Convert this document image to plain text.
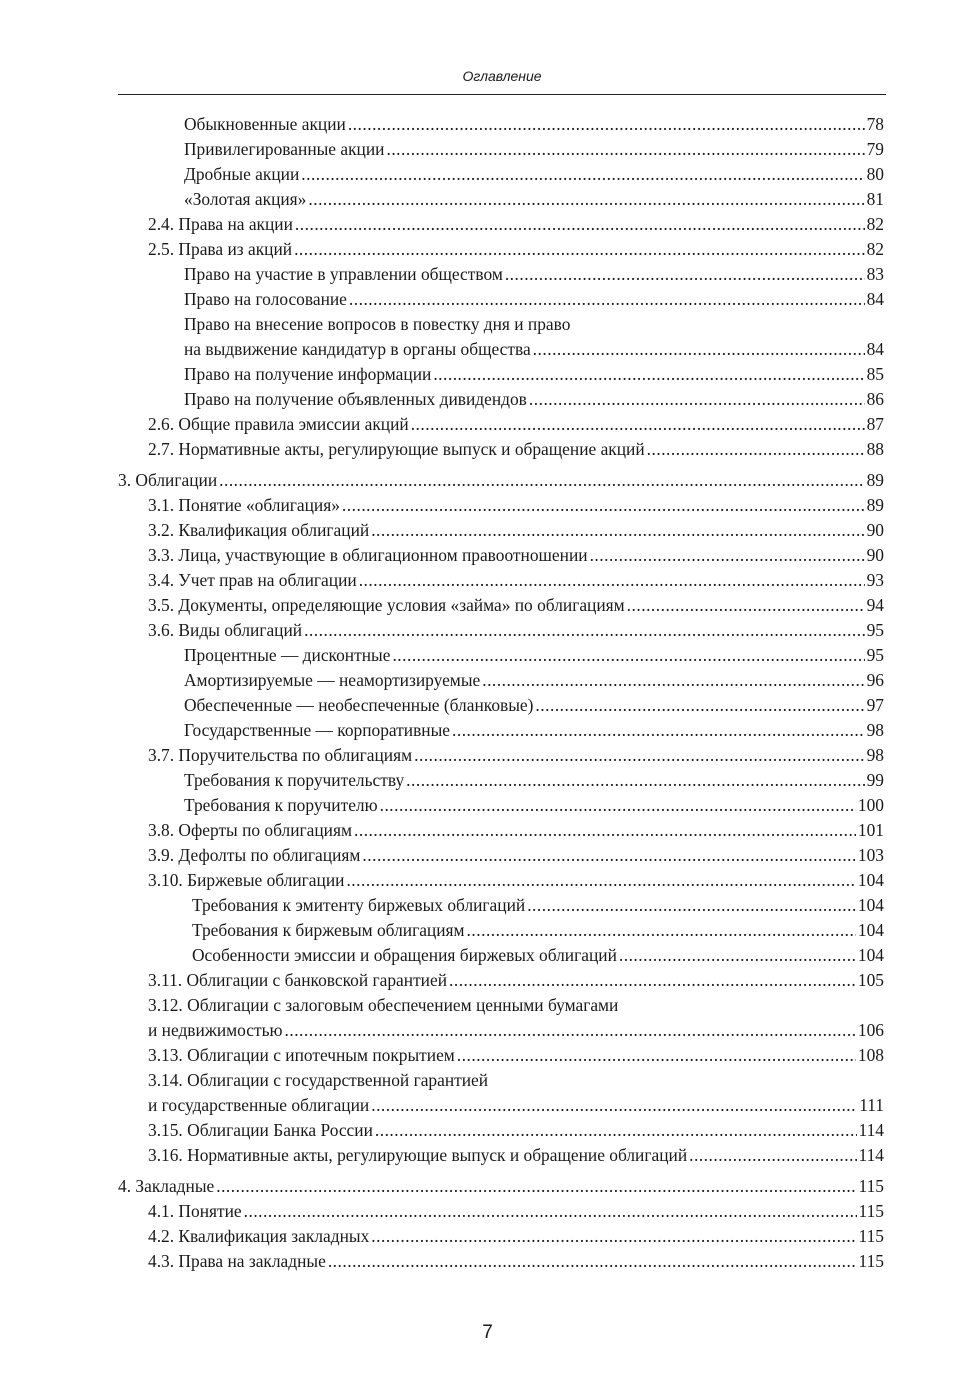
Оглавление
Обыкновенные акции .....	78
Привилегированные акции .....	79
Дробные акции .....	80
«Золотая акция» .....	81
2.4. Права на акции .....	82
2.5. Права из акций .....	82
Право на участие в управлении обществом .....	83
Право на голосование .....	84
Право на внесение вопросов в повестку дня и право
на выдвижение кандидатур в органы общества .....	84
Право на получение информации .....	85
Право на получение объявленных дивидендов .....	86
2.6. Общие правила эмиссии акций .....	87
2.7. Нормативные акты, регулирующие выпуск и обращение акций .....	88
3. Облигации .....	89
3.1. Понятие «облигация» .....	89
3.2. Квалификация облигаций .....	90
3.3. Лица, участвующие в облигационном правоотношении .....	90
3.4. Учет прав на облигации .....	93
3.5. Документы, определяющие условия «займа» по облигациям .....	94
3.6. Виды облигаций .....	95
Процентные — дисконтные .....	95
Амортизируемые — неамортизируемые .....	96
Обеспеченные — необеспеченные (бланковые) .....	97
Государственные — корпоративные .....	98
3.7. Поручительства по облигациям .....	98
Требования к поручительству .....	99
Требования к поручителю .....	100
3.8. Оферты по облигациям .....	101
3.9. Дефолты по облигациям .....	103
3.10. Биржевые облигации .....	104
Требования к эмитенту биржевых облигаций .....	104
Требования к биржевым облигациям .....	104
Особенности эмиссии и обращения биржевых облигаций .....	104
3.11. Облигации с банковской гарантией .....	105
3.12. Облигации с залоговым обеспечением ценными бумагами
и недвижимостью .....	106
3.13. Облигации с ипотечным покрытием .....	108
3.14. Облигации с государственной гарантией
и государственные облигации .....	111
3.15. Облигации Банка России .....	114
3.16. Нормативные акты, регулирующие выпуск и обращение облигаций .....	114
4. Закладные .....	115
4.1. Понятие .....	115
4.2. Квалификация закладных .....	115
4.3. Права на закладные .....	115
7
